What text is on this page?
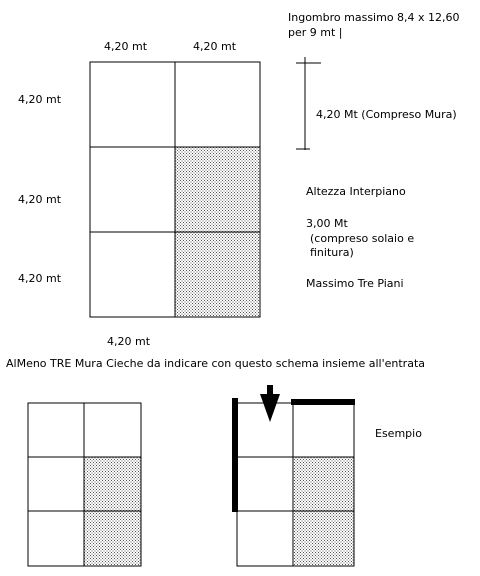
Ingombro massimo 8,4 x 12,60
per 9 mt |
4,20 mt	4,20 mt
4,20 mt
4,20 mt
4,20 mt
4,20 mt
4,20 Mt (Compreso Mura)
Altezza Interpiano
3,00 Mt
(compreso solaio e
finitura)
Massimo Tre Piani
AlMeno TRE Mura Cieche da indicare con questo schema insieme all'entrata
Esempio
